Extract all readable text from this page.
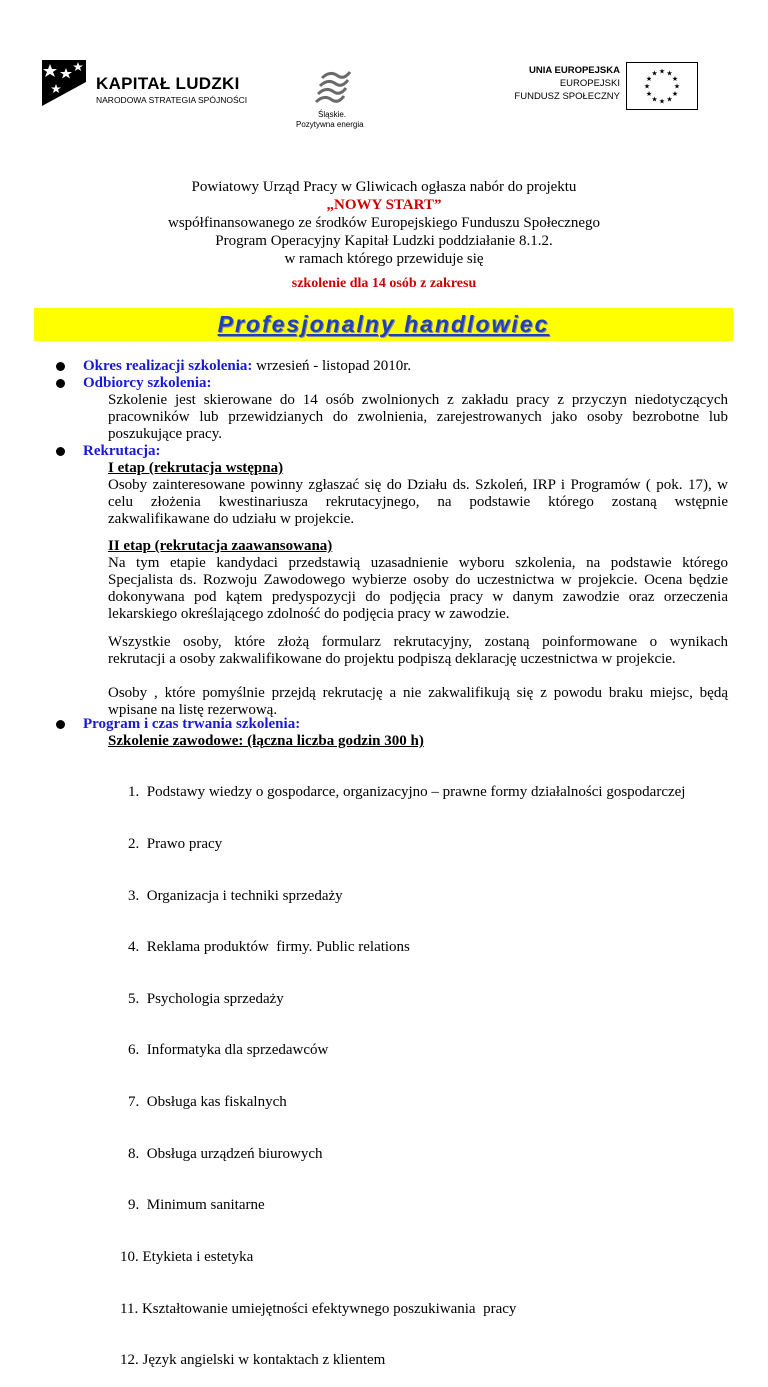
KAPITAŁ LUDZKI
NARODOWA STRATEGIA SPÓJNOŚCI
Śląskie.
Pozytywna energia
UNIA EUROPEJSKA
EUROPEJSKI
FUNDUSZ SPOŁECZNY
★
★
★
★
★
★
★
★
★ ★ ★
★
Powiatowy Urząd Pracy w Gliwicach ogłasza nabór do projektu
„NOWY START”
współfinansowanego ze środków Europejskiego Funduszu Społecznego
Program Operacyjny Kapitał Ludzki poddziałanie 8.1.2.
w ramach którego przewiduje się
szkolenie dla 14 osób z zakresu
Profesjonalny handlowiec
Okres realizacji szkolenia: wrzesień - listopad 2010r.
Odbiorcy szkolenia:
Szkolenie jest skierowane do 14 osób zwolnionych z zakładu pracy z przyczyn niedotyczących
pracowników lub przewidzianych do zwolnienia, zarejestrowanych jako osoby bezrobotne lub
poszukujące pracy.
Rekrutacja:
I etap (rekrutacja wstępna)
Osoby zainteresowane powinny zgłaszać się do Działu ds. Szkoleń, IRP i Programów ( pok. 17), w
celu złożenia kwestinariusza rekrutacyjnego, na podstawie którego zostaną wstępnie
zakwalifikawane do udziału w projekcie.
II etap (rekrutacja zaawansowana)
Na tym etapie kandydaci przedstawią uzasadnienie wyboru szkolenia, na podstawie którego
Specjalista ds. Rozwoju Zawodowego wybierze osoby do uczestnictwa w projekcie. Ocena będzie
dokonywana pod kątem predyspozycji do podjęcia pracy w danym zawodzie oraz orzeczenia
lekarskiego określającego zdolność do podjęcia pracy w zawodzie.
Wszystkie osoby, które złożą formularz rekrutacyjny, zostaną poinformowane o wynikach
rekrutacji a osoby zakwalifikowane do projektu podpiszą deklarację uczestnictwa w projekcie.
Osoby , które pomyślnie przejdą rekrutację a nie zakwalifikują się z powodu braku miejsc, będą
wpisane na listę rezerwową.
Program i czas trwania szkolenia:
Szkolenie zawodowe: (łączna liczba godzin 300 h)

1.  Podstawy wiedzy o gospodarce, organizacyjno – prawne formy działalności gospodarczej

2.  Prawo pracy

3.  Organizacja i techniki sprzedaży

4.  Reklama produktów  firmy. Public relations

5.  Psychologia sprzedaży

6.  Informatyka dla sprzedawców

7.  Obsługa kas fiskalnych

8.  Obsługa urządzeń biurowych

9.  Minimum sanitarne

10. Etykieta i estetyka

11. Kształtowanie umiejętności efektywnego poszukiwania  pracy

12. Język angielski w kontaktach z klientem
